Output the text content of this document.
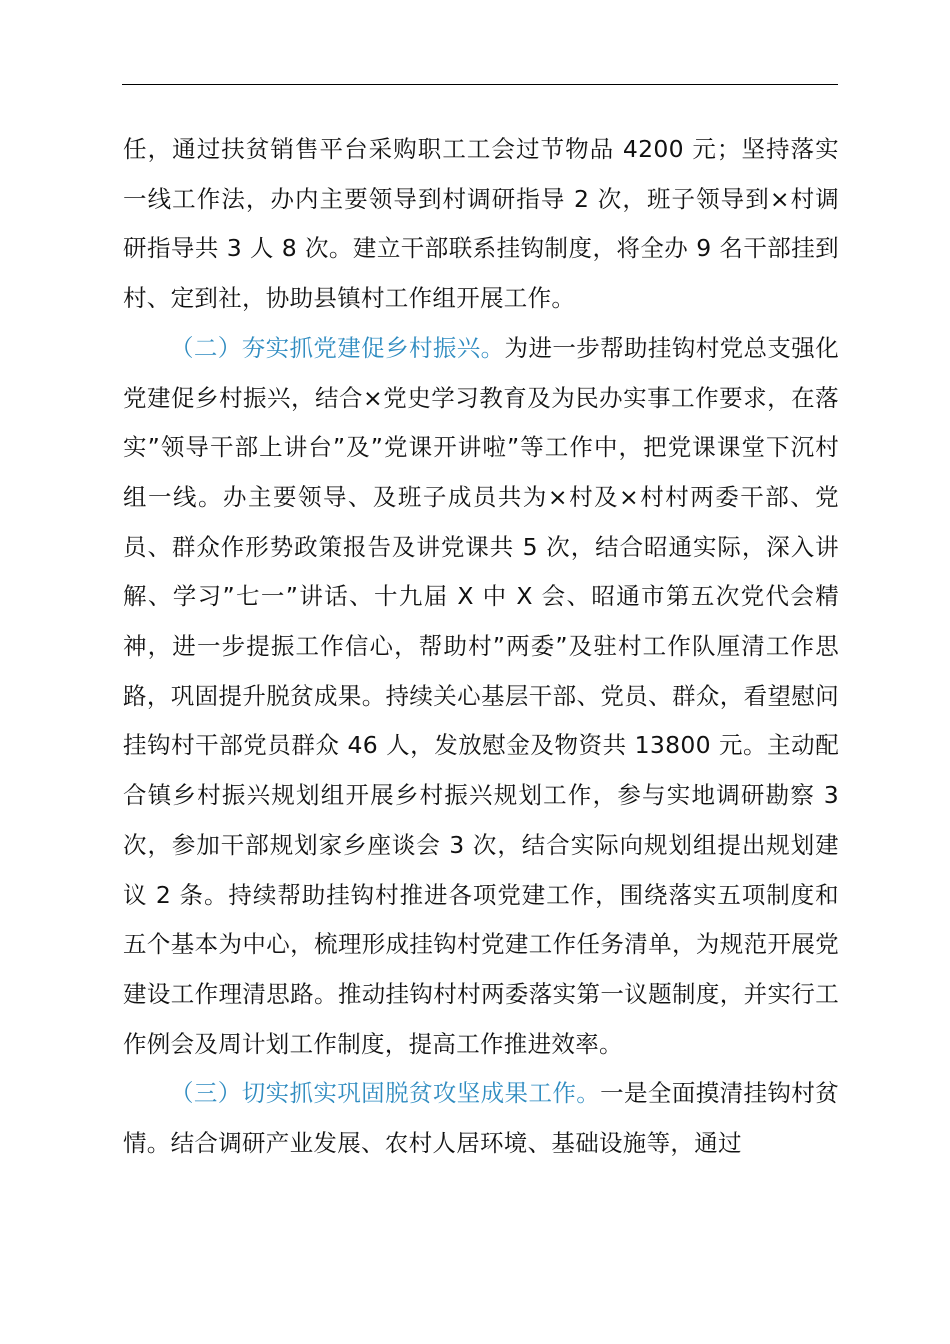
任，通过扶贫销售平台采购职工工会过节物品 4200 元；坚持落实一线工作法，办内主要领导到村调研指导 2 次，班子领导到×村调研指导共 3 人 8 次。建立干部联系挂钩制度，将全办 9 名干部挂到村、定到社，协助县镇村工作组开展工作。

（二）夯实抓党建促乡村振兴。为进一步帮助挂钩村党总支强化党建促乡村振兴，结合×党史学习教育及为民办实事工作要求，在落实”领导干部上讲台”及”党课开讲啦”等工作中，把党课课堂下沉村组一线。办主要领导、及班子成员共为×村及×村村两委干部、党员、群众作形势政策报告及讲党课共 5 次，结合昭通实际，深入讲解、学习”七一”讲话、十九届 X 中 X 会、昭通市第五次党代会精神，进一步提振工作信心，帮助村”两委”及驻村工作队厘清工作思路，巩固提升脱贫成果。持续关心基层干部、党员、群众，看望慰问挂钩村干部党员群众 46 人，发放慰金及物资共 13800 元。主动配合镇乡村振兴规划组开展乡村振兴规划工作，参与实地调研勘察 3 次，参加干部规划家乡座谈会 3 次，结合实际向规划组提出规划建议 2 条。持续帮助挂钩村推进各项党建工作，围绕落实五项制度和五个基本为中心，梳理形成挂钩村党建工作任务清单，为规范开展党建设工作理清思路。推动挂钩村村两委落实第一议题制度，并实行工作例会及周计划工作制度，提高工作推进效率。

（三）切实抓实巩固脱贫攻坚成果工作。一是全面摸清挂钩村贫情。结合调研产业发展、农村人居环境、基础设施等，通过
